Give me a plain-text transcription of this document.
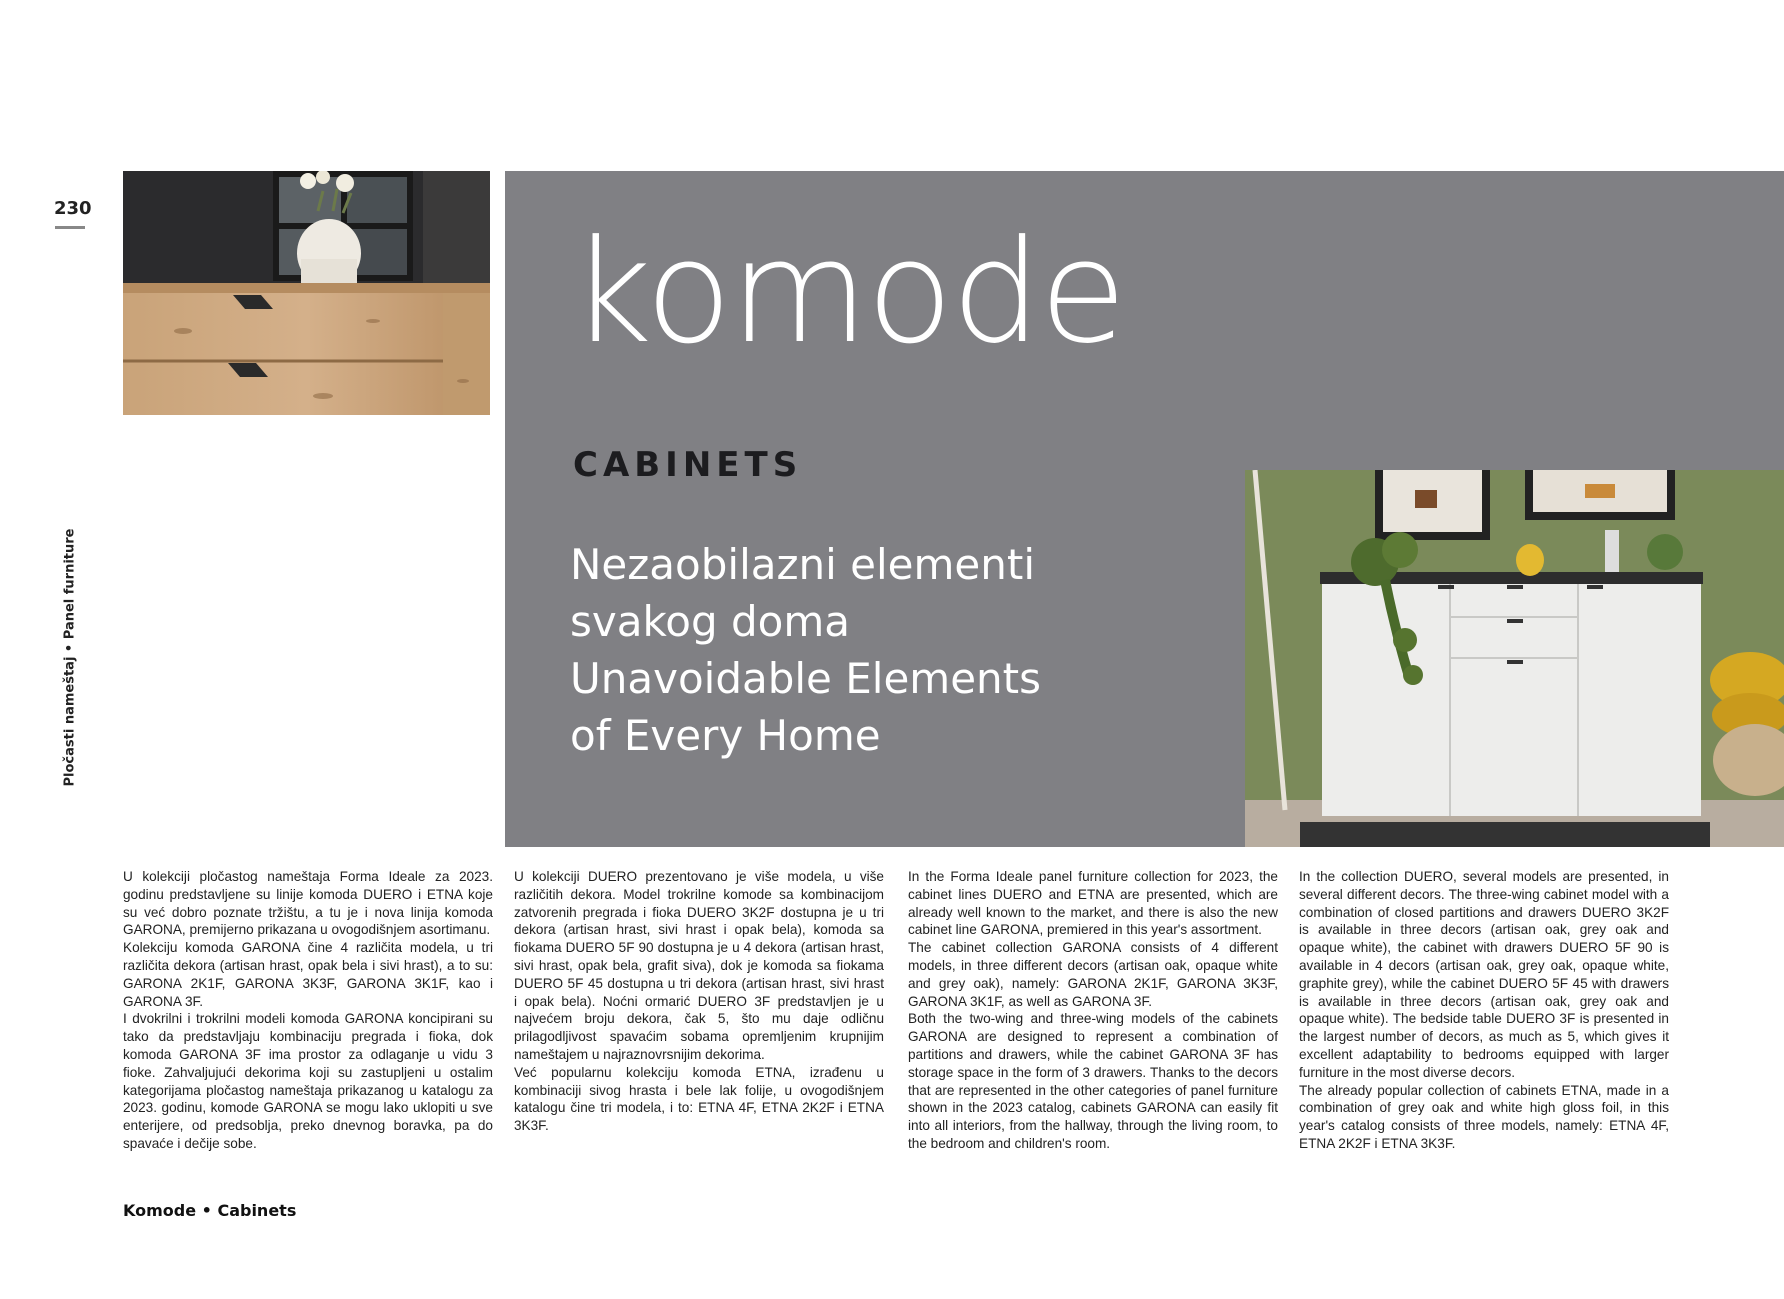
230
Pločasti nameštaj • Panel furniture
komode
CABINETS
Nezaobilazni elementi
svakog doma
Unavoidable Elements
of Every Home

U kolekciji pločastog nameštaja Forma Ideale za 2023. godinu predstavljene su linije komoda DUERO i ETNA koje su već dobro poznate tržištu, a tu je i nova linija komoda GARONA, premijerno prikazana u ovogodišnjem asortimanu.

Kolekciju komoda GARONA čine 4 različita modela, u tri različita dekora (artisan hrast, opak bela i sivi hrast), a to su: GARONA 2K1F, GARONA 3K3F, GARONA 3K1F, kao i GARONA 3F.

I dvokrilni i trokrilni modeli komoda GARONA koncipirani su tako da predstavljaju kombinaciju pregrada i fioka, dok komoda GARONA 3F ima prostor za odlaganje u vidu 3 fioke. Zahvaljujući dekorima koji su zastupljeni u ostalim kategorijama pločastog nameštaja prikazanog u katalogu za 2023. godinu, komode GARONA se mogu lako uklopiti u sve enterijere, od predsoblja, preko dnevnog boravka, pa do spavaće i dečije sobe.

U kolekciji DUERO prezentovano je više modela, u više različitih dekora. Model trokrilne komode sa kombinacijom zatvorenih pregrada i fioka DUERO 3K2F dostupna je u tri dekora (artisan hrast, sivi hrast i opak bela), komoda sa fiokama DUERO 5F 90 dostupna je u 4 dekora (artisan hrast, sivi hrast, opak bela, grafit siva), dok je komoda sa fiokama DUERO 5F 45 dostupna u tri dekora (artisan hrast, sivi hrast i opak bela). Noćni ormarić DUERO 3F predstavljen je u najvećem broju dekora, čak 5, što mu daje odličnu prilagodljivost spavaćim sobama opremljenim krupnijim nameštajem u najraznovrsnijim dekorima.

Već popularnu kolekciju komoda ETNA, izrađenu u kombinaciji sivog hrasta i bele lak folije, u ovogodišnjem katalogu čine tri modela, i to: ETNA 4F, ETNA 2K2F i ETNA 3K3F.

In the Forma Ideale panel furniture collection for 2023, the cabinet lines DUERO and ETNA are presented, which are already well known to the market, and there is also the new cabinet line GARONA, premiered in this year's assortment.

The cabinet collection GARONA consists of 4 different models, in three different decors (artisan oak, opaque white and grey oak), namely: GARONA 2K1F, GARONA 3K3F, GARONA 3K1F, as well as GARONA 3F.

Both the two-wing and three-wing models of the cabinets GARONA are designed to represent a combination of partitions and drawers, while the cabinet GARONA 3F has storage space in the form of 3 drawers. Thanks to the decors that are represented in the other categories of panel furniture shown in the 2023 catalog, cabinets GARONA can easily fit into all interiors, from the hallway, through the living room, to the bedroom and children's room.

In the collection DUERO, several models are presented, in several different decors. The three-wing cabinet model with a combination of closed partitions and drawers DUERO 3K2F is available in three decors (artisan oak, grey oak and opaque white), the cabinet with drawers DUERO 5F 90 is available in 4 decors (artisan oak, grey oak, opaque white, graphite grey), while the cabinet DUERO 5F 45 with drawers is available in three decors (artisan oak, grey oak and opaque white). The bedside table DUERO 3F is presented in the largest number of decors, as much as 5, which gives it excellent adaptability to bedrooms equipped with larger furniture in the most diverse decors.

The already popular collection of cabinets ETNA, made in a combination of grey oak and white high gloss foil, in this year's catalog consists of three models, namely: ETNA 4F, ETNA 2K2F i ETNA 3K3F.

Komode • Cabinets
